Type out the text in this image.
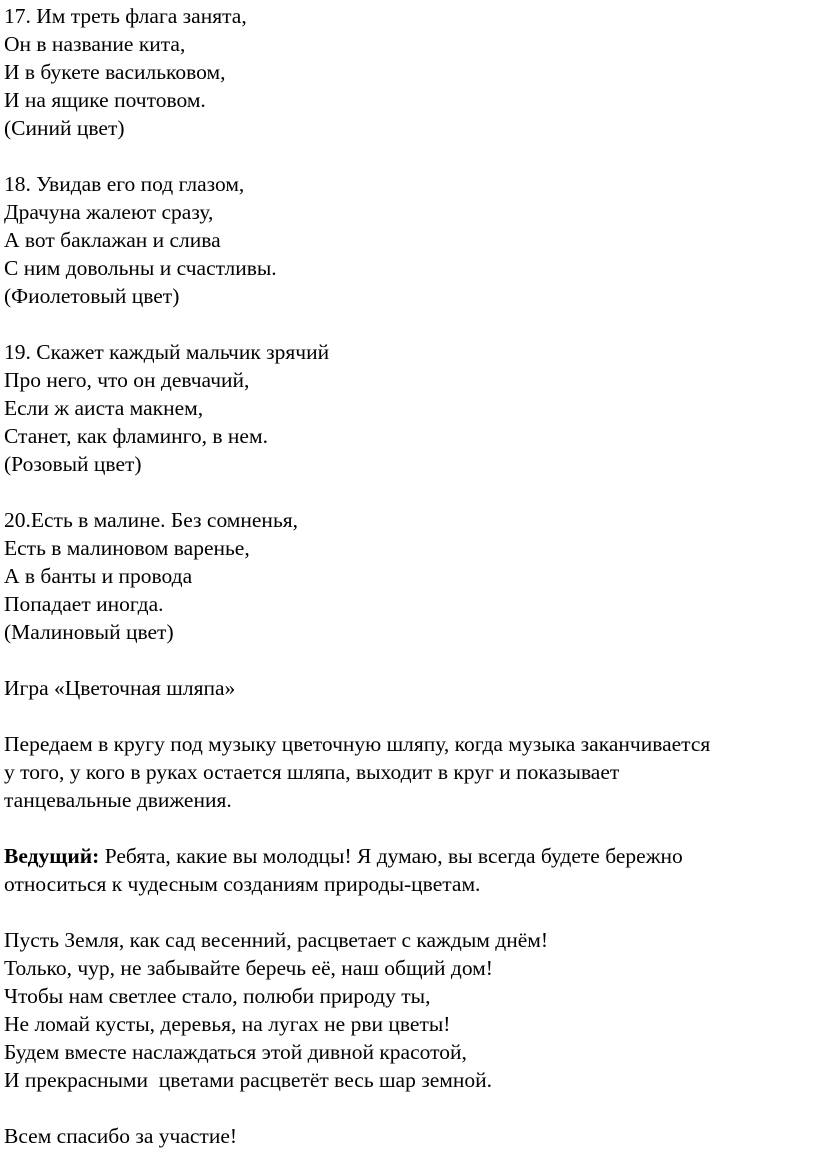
17. Им треть флага занята,
Он в название кита,
И в букете васильковом,
И на ящике почтовом.
(Синий цвет)
18. Увидав его под глазом,
Драчуна жалеют сразу,
А вот баклажан и слива
С ним довольны и счастливы.
(Фиолетовый цвет)
19. Скажет каждый мальчик зрячий
Про него, что он девчачий,
Если ж аиста макнем,
Станет, как фламинго, в нем.
(Розовый цвет)
20.Есть в малине. Без сомненья,
Есть в малиновом варенье,
А в банты и провода
Попадает иногда.
(Малиновый цвет)
Игра «Цветочная шляпа»
Передаем в кругу под музыку цветочную шляпу, когда музыка заканчивается
у того, у кого в руках остается шляпа, выходит в круг и показывает
танцевальные движения.
Ведущий: Ребята, какие вы молодцы! Я думаю, вы всегда будете бережно
относиться к чудесным созданиям природы-цветам.
Пусть Земля, как сад весенний, расцветает с каждым днём!
Только, чур, не забывайте беречь её, наш общий дом!
Чтобы нам светлее стало, полюби природу ты,
Не ломай кусты, деревья, на лугах не рви цветы!
Будем вместе наслаждаться этой дивной красотой,
И прекрасными  цветами расцветёт весь шар земной.
Всем спасибо за участие!
